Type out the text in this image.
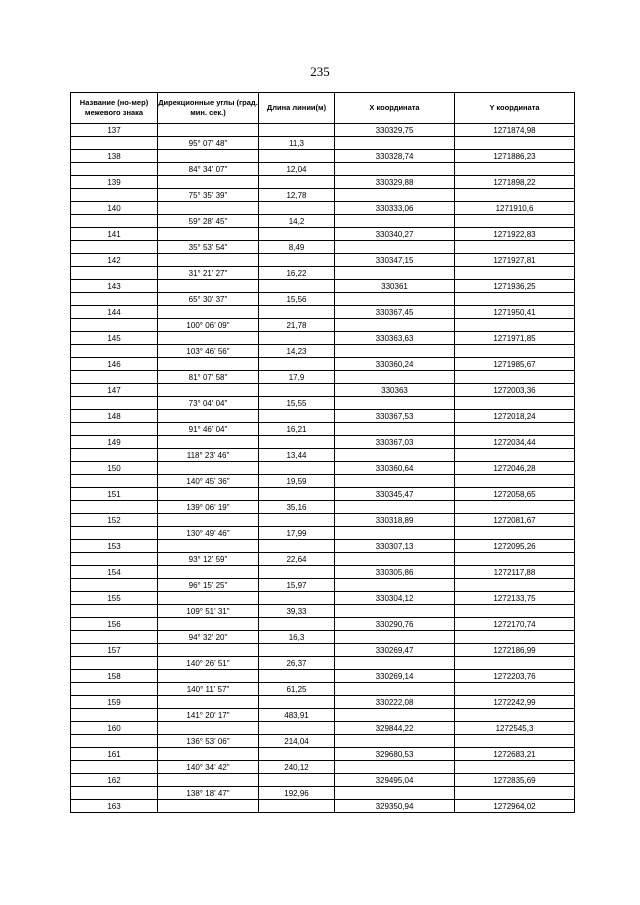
235
Название (но-мер) межевого знака	Дирекционные углы (град. мин. сек.)	Длина линии(м)	X координата	Y координата
137			330329,75	1271874,98
	95° 07' 48"	11,3		
138			330328,74	1271886,23
	84° 34' 07"	12,04		
139			330329,88	1271898,22
	75° 35' 39"	12,78		
140			330333,06	1271910,6
	59° 28' 45"	14,2		
141			330340,27	1271922,83
	35° 53' 54"	8,49		
142			330347,15	1271927,81
	31° 21' 27"	16,22		
143			330361	1271936,25
	65° 30' 37"	15,56		
144			330367,45	1271950,41
	100° 06' 09"	21,78		
145			330363,63	1271971,85
	103° 46' 56"	14,23		
146			330360,24	1271985,67
	81° 07' 58"	17,9		
147			330363	1272003,36
	73° 04' 04"	15,55		
148			330367,53	1272018,24
	91° 46' 04"	16,21		
149			330367,03	1272034,44
	118° 23' 46"	13,44		
150			330360,64	1272046,28
	140° 45' 36"	19,59		
151			330345,47	1272058,65
	139° 06' 19"	35,16		
152			330318,89	1272081,67
	130° 49' 46"	17,99		
153			330307,13	1272095,26
	93° 12' 59"	22,64		
154			330305,86	1272117,88
	96° 15' 25"	15,97		
155			330304,12	1272133,75
	109° 51' 31"	39,33		
156			330290,76	1272170,74
	94° 32' 20"	16,3		
157			330269,47	1272186,99
	140° 26' 51"	26,37		
158			330269,14	1272203,76
	140° 11' 57"	61,25		
159			330222,08	1272242,99
	141° 20' 17"	483,91		
160			329844,22	1272545,3
	136° 53' 06"	214,04		
161			329680,53	1272683,21
	140° 34' 42"	240,12		
162			329495,04	1272835,69
	138° 18' 47"	192,96		
163			329350,94	1272964,02
